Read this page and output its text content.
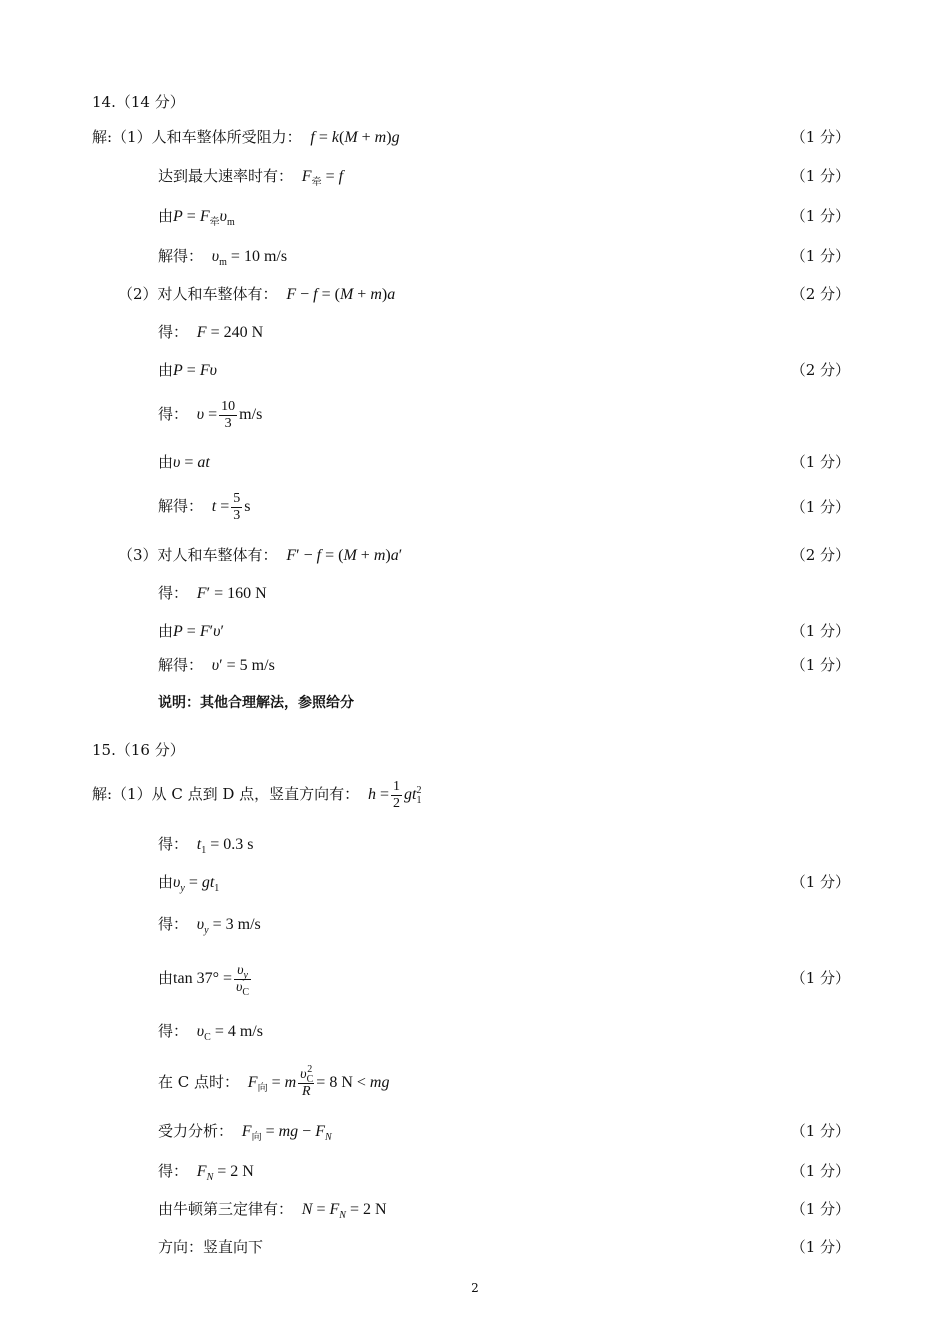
14.（14 分）
解:（1）人和车整体所受阻力： f = k(M + m)g	（1 分）
达到最大速率时有： $F_牵 = f$	（1 分）
由$P = F_牵\upsilon_m$	（1 分）
解得： $\upsilon_m = 10$ m/s	（1 分）
（2）对人和车整体有： F − f = (M + m)a	（2 分）
得： F = 240 N
由P = Fυ	（2 分）
得： $\upsilon = \frac{10}{3} m/s$
由υ = at	（1 分）
解得： $t = \frac{5}{3}$ s	（1 分）
（3）对人和车整体有： F′ − f = (M + m)a′	（2 分）
得： F′ = 160 N
由P = F′υ′	（1 分）
解得： υ′ = 5 m/s	（1 分）
说明：其他合理解法，参照给分
15.（16 分）
解:（1）从 C 点到 D 点，竖直方向有： $h = \frac{1}{2} gt_1^2$
得： $t_1 = 0.3$ s
由$\upsilon_y = gt_1$	（1 分）
得： $\upsilon_y = 3$ m/s
由$\tan 37^\circ = \frac{\upsilon_y}{\upsilon_C}$	（1 分）
得： $\upsilon_C = 4$ m/s
在 C 点时： $F_向 = m \frac{\upsilon_C^2}{R} = 8$ N < mg
受力分析： $F_向$ = mg − $F_N$	（1 分）
得： $F_N = 2$ N	（1 分）
由牛顿第三定律有： $N = F_N = 2$ N	（1 分）
方向：竖直向下	（1 分）
2
